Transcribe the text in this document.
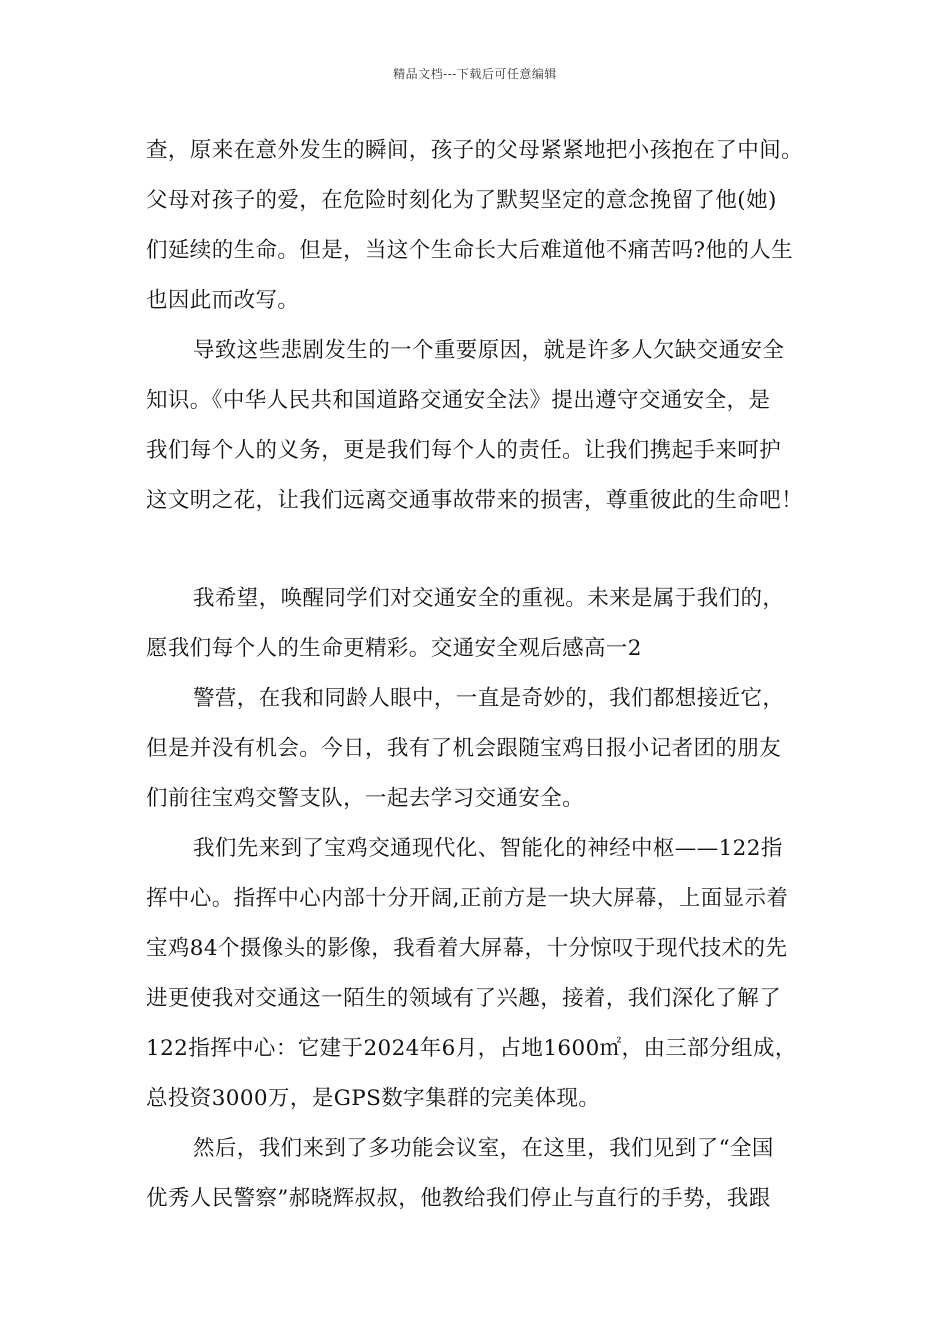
精品文档---下载后可任意编辑
查，原来在意外发生的瞬间，孩子的父母紧紧地把小孩抱在了中间。
父母对孩子的爱，在危险时刻化为了默契坚定的意念挽留了他(她)
们延续的生命。但是，当这个生命长大后难道他不痛苦吗?他的人生
也因此而改写。
导致这些悲剧发生的一个重要原因，就是许多人欠缺交通安全
知识。《中华人民共和国道路交通安全法》提出遵守交通安全，是
我们每个人的义务，更是我们每个人的责任。让我们携起手来呵护
这文明之花，让我们远离交通事故带来的损害，尊重彼此的生命吧！
我希望，唤醒同学们对交通安全的重视。未来是属于我们的，
愿我们每个人的生命更精彩。交通安全观后感高一2
警营，在我和同龄人眼中，一直是奇妙的，我们都想接近它，
但是并没有机会。今日，我有了机会跟随宝鸡日报小记者团的朋友
们前往宝鸡交警支队，一起去学习交通安全。
我们先来到了宝鸡交通现代化、智能化的神经中枢——122指
挥中心。指挥中心内部十分开阔,正前方是一块大屏幕，上面显示着
宝鸡84个摄像头的影像，我看着大屏幕，十分惊叹于现代技术的先
进更使我对交通这一陌生的领域有了兴趣，接着，我们深化了解了
122指挥中心：它建于2024年6月，占地1600㎡，由三部分组成，
总投资3000万，是GPS数字集群的完美体现。
然后，我们来到了多功能会议室，在这里，我们见到了“全国
优秀人民警察”郝晓辉叔叔，他教给我们停止与直行的手势，我跟
